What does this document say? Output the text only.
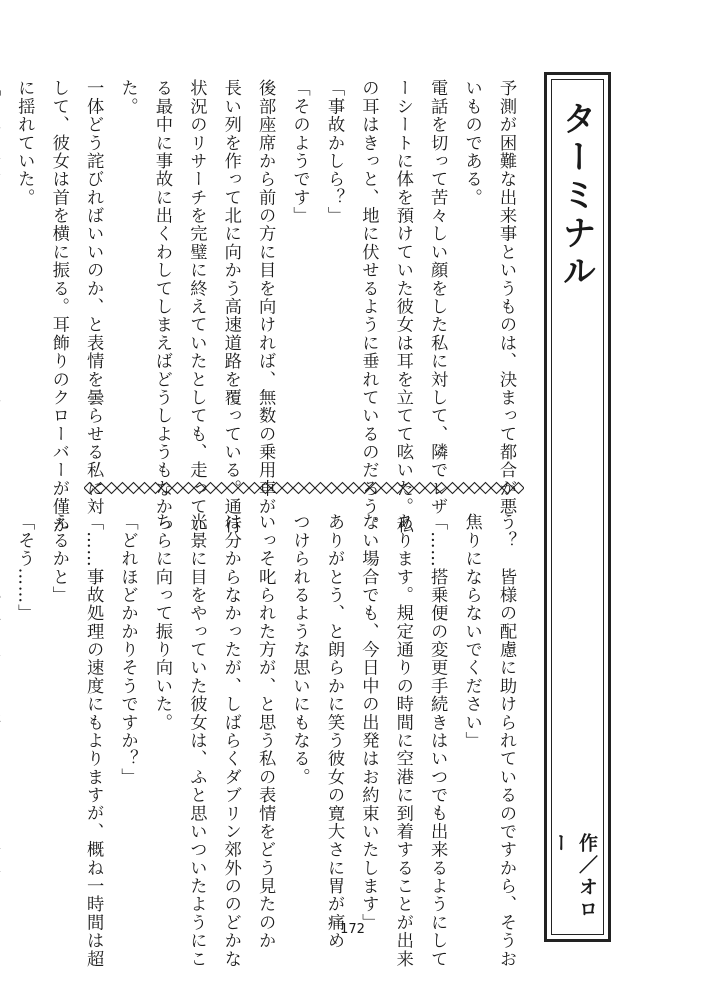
ターミナル
作／オロー
予測が困難な出来事というものは、決まって都合が悪
いものである。
電話を切って苦々しい顔をした私に対して、隣でレザ
ーシートに体を預けていた彼女は耳を立てて呟いた。私
の耳はきっと、地に伏せるように垂れているのだろう。
「事故かしら？」
「そのようです」
後部座席から前の方に目を向ければ、無数の乗用車が
長い列を作って北に向かう高速道路を覆っている。通行
状況のリサーチを完璧に終えていたとしても、走ってい
る最中に事故に出くわしてしまえばどうしようもなかっ
た。
一体どう詫びればいいのか、と表情を曇らせる私に対
して、彼女は首を横に振る。耳飾りのクローバーが僅か
に揺れていた。
う？　皆様の配慮に助けられているのですから、そうお
焦りにならないでください」
「……搭乗便の変更手続きはいつでも出来るようにして
あります。規定通りの時間に空港に到着することが出来
ない場合でも、今日中の出発はお約束いたします」
ありがとう、と朗らかに笑う彼女の寛大さに胃が痛め
つけられるような思いにもなる。
いっそ叱られた方が、と思う私の表情をどう見たのか
は分からなかったが、しばらくダブリン郊外ののどかな
光景に目をやっていた彼女は、ふと思いついたようにこ
ちらに向って振り向いた。
「どれほどかかりそうですか？」
「……事故処理の速度にもよりますが、概ね一時間は超
えるかと」
「そう……」
172
